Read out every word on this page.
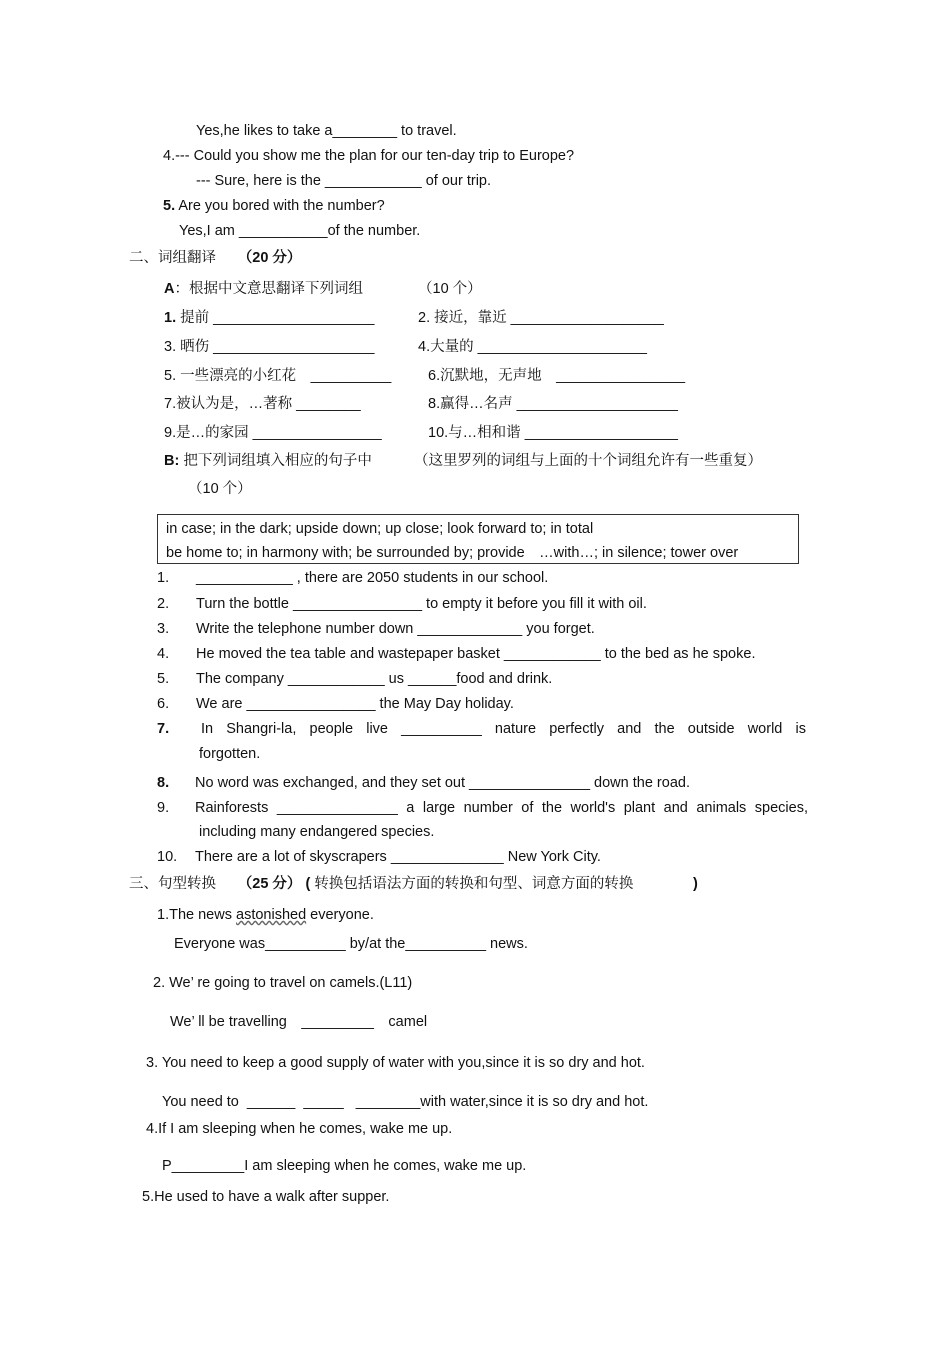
Yes,he likes to take a________ to travel.
4.--- Could you show me the plan for our ten-day trip to Europe?
--- Sure, here is the ____________ of our trip.
5. Are you bored with the number?
Yes,I am ___________of the number.
二、词组翻译　　 （20 分）
A：根据中文意思翻译下列词组	（10 个）
1. 提前 ____________________	2. 接近，靠近 ___________________
3. 晒伤 ____________________	4.大量的 _____________________
5. 一些漂亮的小红花　__________	6.沉默地，无声地　________________
7.被认为是，…著称 ________	8.赢得…名声 ____________________
9.是…的家园 ________________	10.与…相和谐 ___________________
B: 把下列词组填入相应的句子中	（这里罗列的词组与上面的十个词组允许有一些重复）
（10 个）
in case; in the dark; upside down; up close; look forward to; in total
be home to; in harmony with; be surrounded by; provide　…with…; in silence; tower over
1. ____________ , there are 2050 students in our school.
2. Turn the bottle ________________ to empty it before you fill it with oil.
3. Write the telephone number down _____________ you forget.
4. He moved the tea table and wastepaper basket ____________ to the bed as he spoke.
5. The company ____________ us ______food and drink.
6. We are ________________ the May Day holiday.
7. In Shangri-la, people live __________ nature perfectly and the outside world is
forgotten.
8. No word was exchanged, and they set out _______________ down the road.
9. Rainforests _______________ a large number of the world's plant and animals species,
including many endangered species.
10. There are a lot of skyscrapers ______________ New York City.
三、句型转换　　 （25 分） ( 转换包括语法方面的转换和句型、词意方面的转换	)
1.The news astonished everyone.
Everyone was__________ by/at the__________ news.
2. We’ re going to travel on camels.(L11)
We’ ll be travelling　_________　camel
3. You need to keep a good supply of water with you,since it is so dry and hot.
You need to  ______  _____   ________with water,since it is so dry and hot.
4.If I am sleeping when he comes, wake me up.
P_________I am sleeping when he comes, wake me up.
5.He used to have a walk after supper.
